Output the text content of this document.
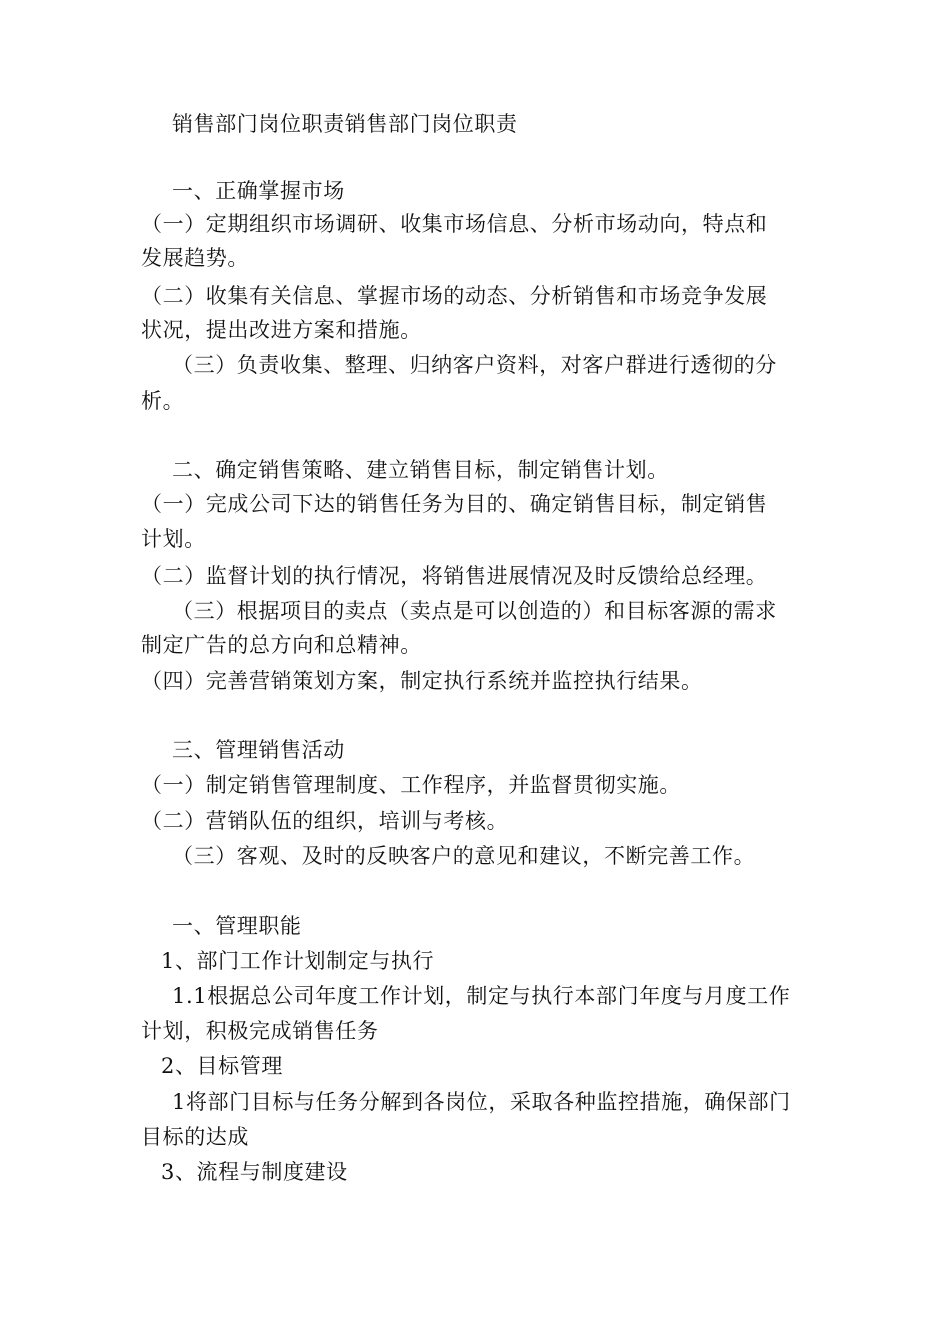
销售部门岗位职责销售部门岗位职责
一、正确掌握市场
（一）定期组织市场调研、收集市场信息、分析市场动向，特点和
发展趋势。
（二）收集有关信息、掌握市场的动态、分析销售和市场竞争发展
状况，提出改进方案和措施。
（三）负责收集、整理、归纳客户资料，对客户群进行透彻的分
析。
二、确定销售策略、建立销售目标，制定销售计划。
（一）完成公司下达的销售任务为目的、确定销售目标，制定销售
计划。
（二）监督计划的执行情况，将销售进展情况及时反馈给总经理。
（三）根据项目的卖点（卖点是可以创造的）和目标客源的需求
制定广告的总方向和总精神。
（四）完善营销策划方案，制定执行系统并监控执行结果。
三、管理销售活动
（一）制定销售管理制度、工作程序，并监督贯彻实施。
（二）营销队伍的组织，培训与考核。
（三）客观、及时的反映客户的意见和建议，不断完善工作。
一、管理职能
1、部门工作计划制定与执行
1.1根据总公司年度工作计划，制定与执行本部门年度与月度工作
计划，积极完成销售任务
2、目标管理
1将部门目标与任务分解到各岗位，采取各种监控措施，确保部门
目标的达成
3、流程与制度建设
